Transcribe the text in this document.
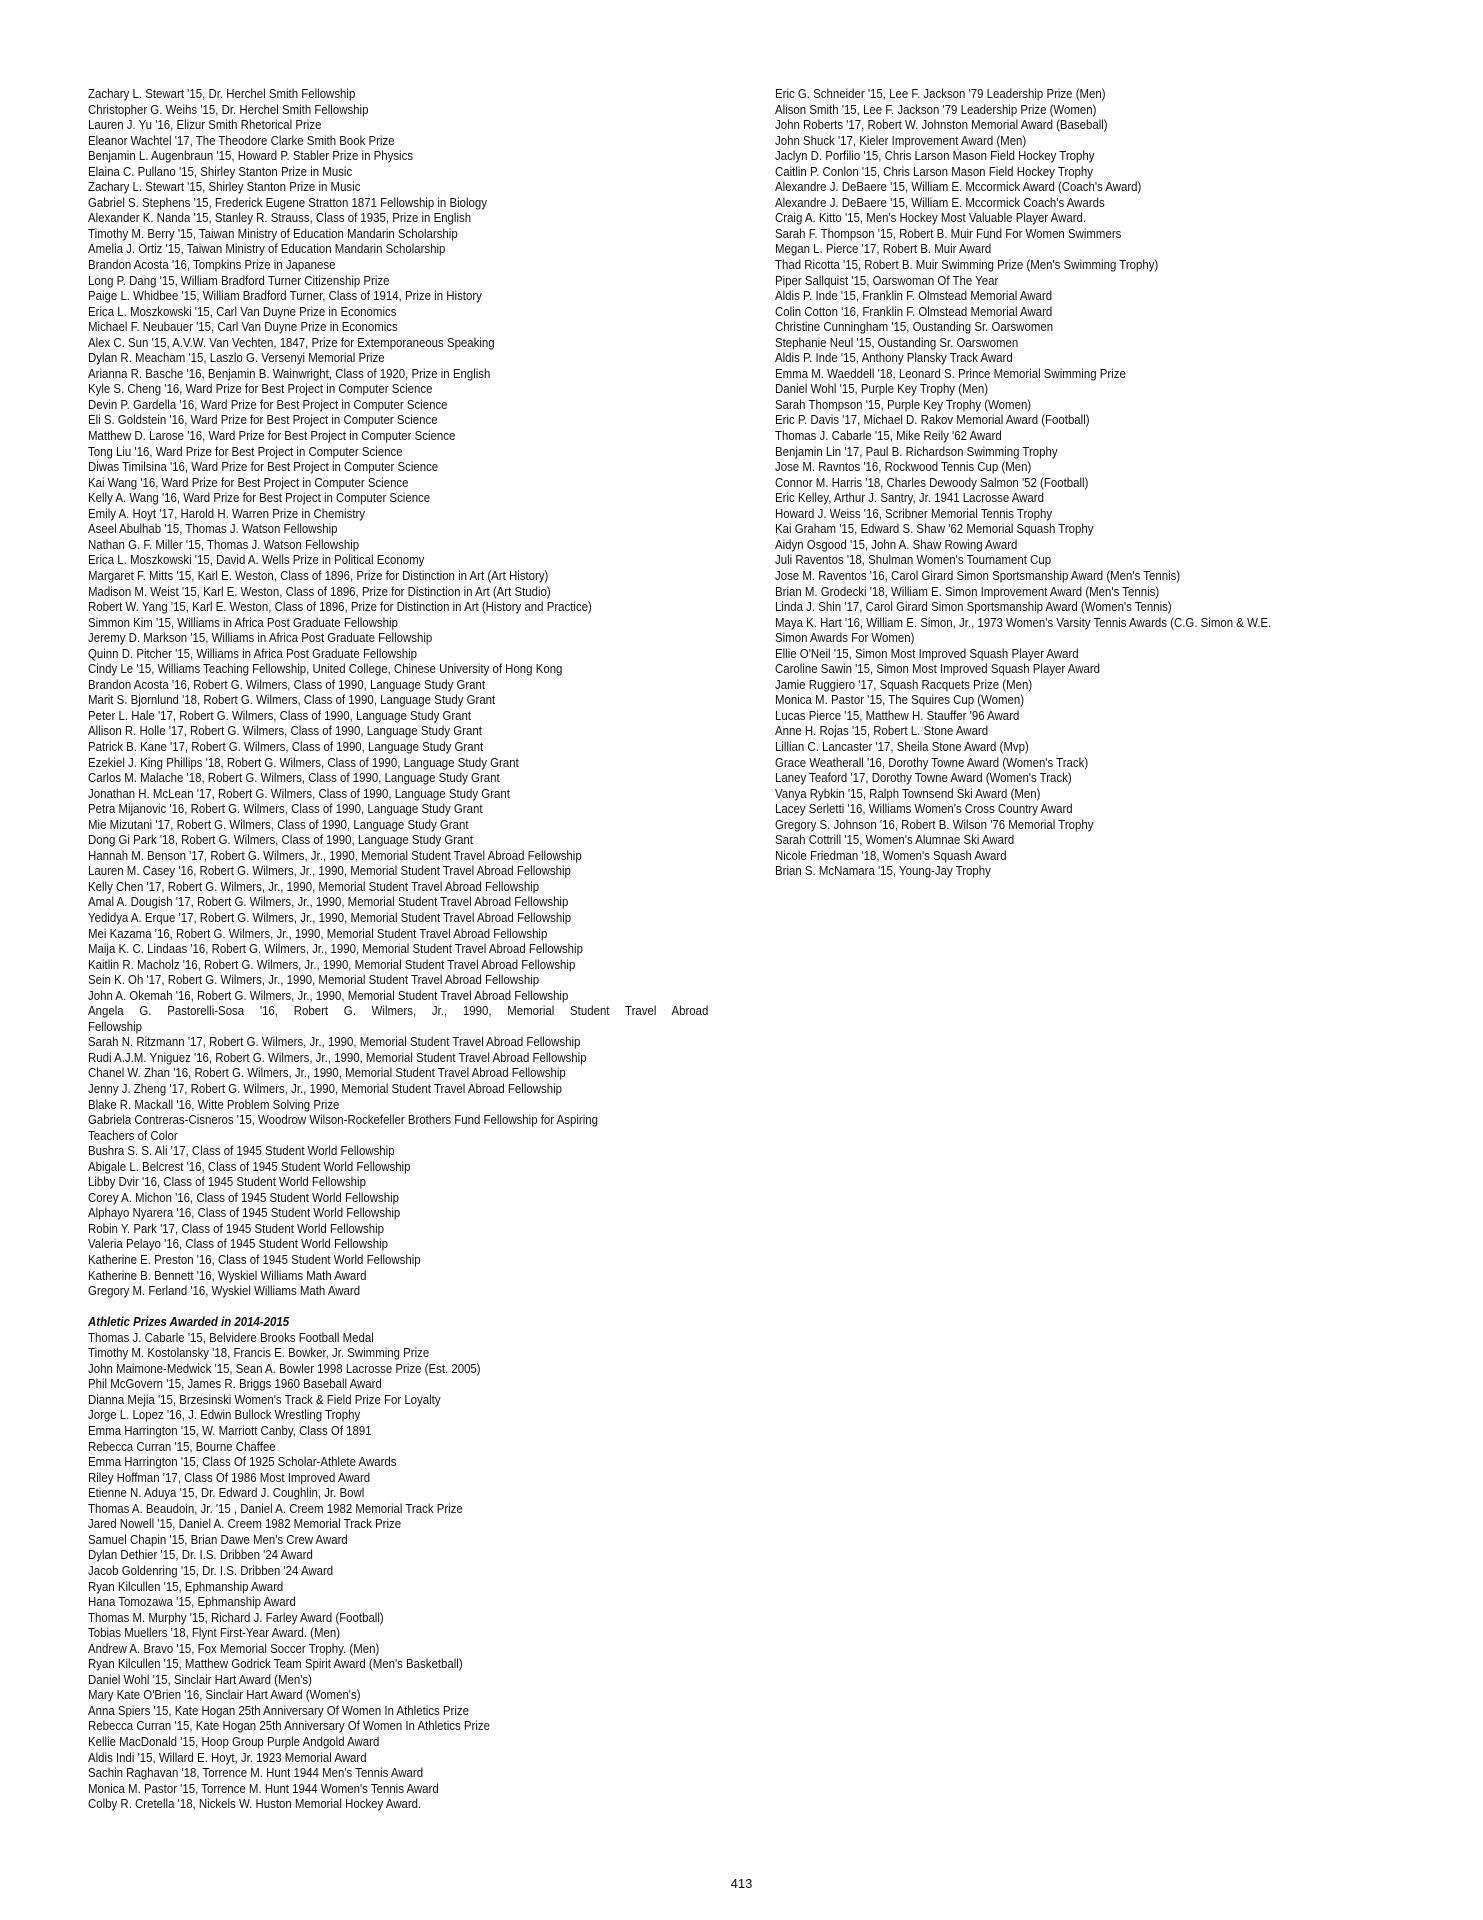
Zachary L. Stewart '15, Dr. Herchel Smith Fellowship
Christopher G. Weihs '15, Dr. Herchel Smith Fellowship
Lauren J. Yu '16, Elizur Smith Rhetorical Prize
Eleanor Wachtel '17, The Theodore Clarke Smith Book Prize
Benjamin L. Augenbraun '15, Howard P. Stabler Prize in Physics
Elaina C. Pullano '15, Shirley Stanton Prize in Music
Zachary L. Stewart '15, Shirley Stanton Prize in Music
Gabriel S. Stephens '15, Frederick Eugene Stratton 1871 Fellowship in Biology
Alexander K. Nanda '15, Stanley R. Strauss, Class of 1935, Prize in English
Timothy M. Berry '15, Taiwan Ministry of Education Mandarin Scholarship
Amelia J. Ortiz '15, Taiwan Ministry of Education Mandarin Scholarship
Brandon Acosta '16, Tompkins Prize in Japanese
Long P. Dang '15, William Bradford Turner Citizenship Prize
Paige L. Whidbee '15, William Bradford Turner, Class of 1914, Prize in History
Erica L. Moszkowski '15, Carl Van Duyne Prize in Economics
Michael F. Neubauer '15, Carl Van Duyne Prize in Economics
Alex C. Sun '15, A.V.W. Van Vechten, 1847, Prize for Extemporaneous Speaking
Dylan R. Meacham '15, Laszlo G. Versenyi Memorial Prize
Arianna R. Basche '16, Benjamin B. Wainwright, Class of 1920, Prize in English
Kyle S. Cheng '16, Ward Prize for Best Project in Computer Science
Devin P. Gardella '16, Ward Prize for Best Project in Computer Science
Eli S. Goldstein '16, Ward Prize for Best Project in Computer Science
Matthew D. Larose '16, Ward Prize for Best Project in Computer Science
Tong Liu '16, Ward Prize for Best Project in Computer Science
Diwas Timilsina '16, Ward Prize for Best Project in Computer Science
Kai Wang '16, Ward Prize for Best Project in Computer Science
Kelly A. Wang '16, Ward Prize for Best Project in Computer Science
Emily A. Hoyt '17, Harold H. Warren Prize in Chemistry
Aseel Abulhab '15, Thomas J. Watson Fellowship
Nathan G. F. Miller '15, Thomas J. Watson Fellowship
Erica L. Moszkowski '15, David A. Wells Prize in Political Economy
Margaret F. Mitts '15, Karl E. Weston, Class of 1896, Prize for Distinction in Art (Art History)
Madison M. Weist '15, Karl E. Weston, Class of 1896, Prize for Distinction in Art (Art Studio)
Robert W. Yang '15, Karl E. Weston, Class of 1896, Prize for Distinction in Art (History and Practice)
Simmon Kim '15, Williams in Africa Post Graduate Fellowship
Jeremy D. Markson '15, Williams in Africa Post Graduate Fellowship
Quinn D. Pitcher '15, Williams in Africa Post Graduate Fellowship
Cindy Le '15, Williams Teaching Fellowship, United College, Chinese University of Hong Kong
Brandon Acosta '16, Robert G. Wilmers, Class of 1990, Language Study Grant
Marit S. Bjornlund '18, Robert G. Wilmers, Class of 1990, Language Study Grant
Peter L. Hale '17, Robert G. Wilmers, Class of 1990, Language Study Grant
Allison R. Holle '17, Robert G. Wilmers, Class of 1990, Language Study Grant
Patrick B. Kane '17, Robert G. Wilmers, Class of 1990, Language Study Grant
Ezekiel J. King Phillips '18, Robert G. Wilmers, Class of 1990, Language Study Grant
Carlos M. Malache '18, Robert G. Wilmers, Class of 1990, Language Study Grant
Jonathan H. McLean '17, Robert G. Wilmers, Class of 1990, Language Study Grant
Petra Mijanovic '16, Robert G. Wilmers, Class of 1990, Language Study Grant
Mie Mizutani '17, Robert G. Wilmers, Class of 1990, Language Study Grant
Dong Gi Park '18, Robert G. Wilmers, Class of 1990, Language Study Grant
Hannah M. Benson '17, Robert G. Wilmers, Jr., 1990, Memorial Student Travel Abroad Fellowship
Lauren M. Casey '16, Robert G. Wilmers, Jr., 1990, Memorial Student Travel Abroad Fellowship
Kelly Chen '17, Robert G. Wilmers, Jr., 1990, Memorial Student Travel Abroad Fellowship
Amal A. Dougish '17, Robert G. Wilmers, Jr., 1990, Memorial Student Travel Abroad Fellowship
Yedidya A. Erque '17, Robert G. Wilmers, Jr., 1990, Memorial Student Travel Abroad Fellowship
Mei Kazama '16, Robert G. Wilmers, Jr., 1990, Memorial Student Travel Abroad Fellowship
Maija K. C. Lindaas '16, Robert G. Wilmers, Jr., 1990, Memorial Student Travel Abroad Fellowship
Kaitlin R. Macholz '16, Robert G. Wilmers, Jr., 1990, Memorial Student Travel Abroad Fellowship
Sein K. Oh '17, Robert G. Wilmers, Jr., 1990, Memorial Student Travel Abroad Fellowship
John A. Okemah '16, Robert G. Wilmers, Jr., 1990, Memorial Student Travel Abroad Fellowship
Angela G. Pastorelli-Sosa '16, Robert G. Wilmers, Jr., 1990, Memorial Student Travel Abroad
Fellowship
Sarah N. Ritzmann '17, Robert G. Wilmers, Jr., 1990, Memorial Student Travel Abroad Fellowship
Rudi A.J.M. Yniguez '16, Robert G. Wilmers, Jr., 1990, Memorial Student Travel Abroad Fellowship
Chanel W. Zhan '16, Robert G. Wilmers, Jr., 1990, Memorial Student Travel Abroad Fellowship
Jenny J. Zheng '17, Robert G. Wilmers, Jr., 1990, Memorial Student Travel Abroad Fellowship
Blake R. Mackall '16, Witte Problem Solving Prize
Gabriela Contreras-Cisneros '15, Woodrow Wilson-Rockefeller Brothers Fund Fellowship for Aspiring
Teachers of Color
Bushra S. S. Ali '17, Class of 1945 Student World Fellowship
Abigale L. Belcrest '16, Class of 1945 Student World Fellowship
Libby Dvir '16, Class of 1945 Student World Fellowship
Corey A. Michon '16, Class of 1945 Student World Fellowship
Alphayo Nyarera '16, Class of 1945 Student World Fellowship
Robin Y. Park '17, Class of 1945 Student World Fellowship
Valeria Pelayo '16, Class of 1945 Student World Fellowship
Katherine E. Preston '16, Class of 1945 Student World Fellowship
Katherine B. Bennett '16, Wyskiel Williams Math Award
Gregory M. Ferland '16, Wyskiel Williams Math Award
Athletic Prizes Awarded in 2014-2015
Thomas J. Cabarle '15, Belvidere Brooks Football Medal
Timothy M. Kostolansky '18, Francis E. Bowker, Jr. Swimming Prize
John Maimone-Medwick '15, Sean A. Bowler 1998 Lacrosse Prize (Est. 2005)
Phil McGovern '15, James R. Briggs 1960 Baseball Award
Dianna Mejia '15, Brzesinski Women's Track & Field Prize For Loyalty
Jorge L. Lopez '16, J. Edwin Bullock Wrestling Trophy
Emma Harrington '15, W. Marriott Canby, Class Of 1891
Rebecca Curran '15, Bourne Chaffee
Emma Harrington '15, Class Of 1925 Scholar-Athlete Awards
Riley Hoffman '17, Class Of 1986 Most Improved Award
Etienne N. Aduya '15, Dr. Edward J. Coughlin, Jr. Bowl
Thomas A. Beaudoin, Jr. '15 , Daniel A. Creem 1982 Memorial Track Prize
Jared Nowell '15, Daniel A. Creem 1982 Memorial Track Prize
Samuel Chapin '15, Brian Dawe Men's Crew Award
Dylan Dethier '15, Dr. I.S. Dribben '24 Award
Jacob Goldenring '15, Dr. I.S. Dribben '24 Award
Ryan Kilcullen '15, Ephmanship Award
Hana Tomozawa '15, Ephmanship Award
Thomas M. Murphy '15, Richard J. Farley Award (Football)
Tobias Muellers '18, Flynt First-Year Award. (Men)
Andrew A. Bravo '15, Fox Memorial Soccer Trophy. (Men)
Ryan Kilcullen '15, Matthew Godrick Team Spirit Award (Men's Basketball)
Daniel Wohl '15, Sinclair Hart Award (Men's)
Mary Kate O'Brien '16, Sinclair Hart Award (Women's)
Anna Spiers '15, Kate Hogan 25th Anniversary Of Women In Athletics Prize
Rebecca Curran '15, Kate Hogan 25th Anniversary Of Women In Athletics Prize
Kellie MacDonald '15, Hoop Group Purple Andgold Award
Aldis Indi '15, Willard E. Hoyt, Jr. 1923 Memorial Award
Sachin Raghavan '18, Torrence M. Hunt 1944 Men's Tennis Award
Monica M. Pastor '15, Torrence M. Hunt 1944 Women's Tennis Award
Colby R. Cretella '18, Nickels W. Huston Memorial Hockey Award.
Eric G. Schneider '15, Lee F. Jackson '79 Leadership Prize (Men)
Alison Smith '15, Lee F. Jackson '79 Leadership Prize (Women)
John Roberts '17, Robert W. Johnston Memorial Award (Baseball)
John Shuck '17, Kieler Improvement Award (Men)
Jaclyn D. Porfilio '15, Chris Larson Mason Field Hockey Trophy
Caitlin P. Conlon '15, Chris Larson Mason Field Hockey Trophy
Alexandre J. DeBaere '15, William E. Mccormick Award (Coach's Award)
Alexandre J. DeBaere '15, William E. Mccormick Coach's Awards
Craig A. Kitto '15, Men's Hockey Most Valuable Player Award.
Sarah F. Thompson '15, Robert B. Muir Fund For Women Swimmers
Megan L. Pierce '17, Robert B. Muir Award
Thad Ricotta '15, Robert B. Muir Swimming Prize (Men's Swimming Trophy)
Piper Sallquist '15, Oarswoman Of The Year
Aldis P. Inde '15, Franklin F. Olmstead Memorial Award
Colin Cotton '16, Franklin F. Olmstead Memorial Award
Christine Cunningham '15, Oustanding Sr. Oarswomen
Stephanie Neul '15, Oustanding Sr. Oarswomen
Aldis P. Inde '15, Anthony Plansky Track Award
Emma M. Waeddell '18, Leonard S. Prince Memorial Swimming Prize
Daniel Wohl '15, Purple Key Trophy (Men)
Sarah Thompson '15, Purple Key Trophy (Women)
Eric P. Davis '17, Michael D. Rakov Memorial Award (Football)
Thomas J. Cabarle '15, Mike Reily '62 Award
Benjamin Lin '17, Paul B. Richardson Swimming Trophy
Jose M. Ravntos '16, Rockwood Tennis Cup (Men)
Connor M. Harris '18, Charles Dewoody Salmon '52 (Football)
Eric Kelley, Arthur J. Santry, Jr. 1941 Lacrosse Award
Howard J. Weiss '16, Scribner Memorial Tennis Trophy
Kai Graham '15, Edward S. Shaw '62 Memorial Squash Trophy
Aidyn Osgood '15, John A. Shaw Rowing Award
Juli Raventos '18, Shulman Women's Tournament Cup
Jose M. Raventos '16, Carol Girard Simon Sportsmanship Award (Men's Tennis)
Brian M. Grodecki '18, William E. Simon Improvement Award (Men's Tennis)
Linda J. Shin '17, Carol Girard Simon Sportsmanship Award (Women's Tennis)
Maya K. Hart '16, William E. Simon, Jr., 1973 Women's Varsity Tennis Awards (C.G. Simon & W.E.
Simon Awards For Women)
Ellie O'Neil '15, Simon Most Improved Squash Player Award
Caroline Sawin '15, Simon Most Improved Squash Player Award
Jamie Ruggiero '17, Squash Racquets Prize (Men)
Monica M. Pastor '15, The Squires Cup (Women)
Lucas Pierce '15, Matthew H. Stauffer '96 Award
Anne H. Rojas '15, Robert L. Stone Award
Lillian C. Lancaster '17, Sheila Stone Award (Mvp)
Grace Weatherall '16, Dorothy Towne Award (Women's Track)
Laney Teaford '17, Dorothy Towne Award (Women's Track)
Vanya Rybkin '15, Ralph Townsend Ski Award (Men)
Lacey Serletti '16, Williams Women's Cross Country Award
Gregory S. Johnson '16, Robert B. Wilson '76 Memorial Trophy
Sarah Cottrill '15, Women's Alumnae Ski Award
Nicole Friedman '18, Women's Squash Award
Brian S. McNamara '15, Young-Jay Trophy
413
